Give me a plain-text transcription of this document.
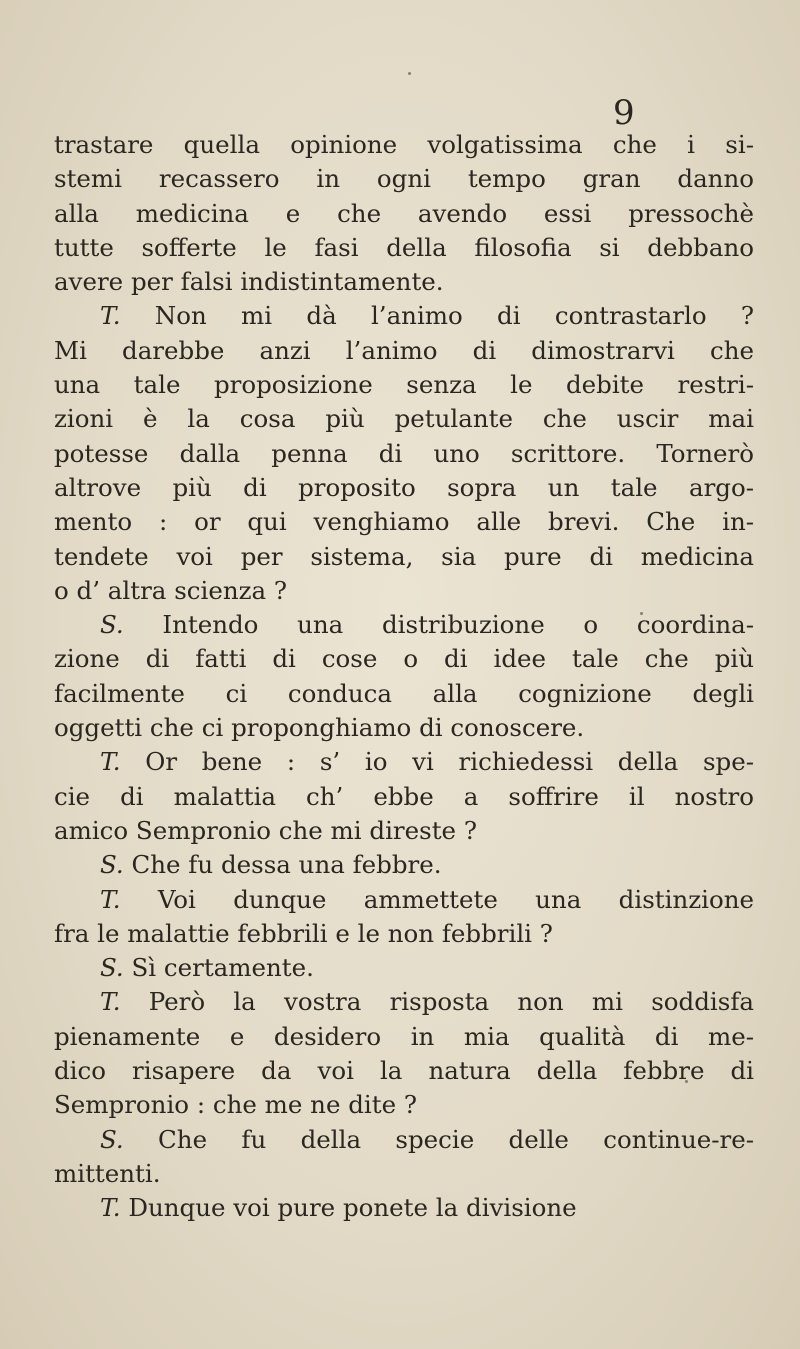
9
trastare quella opinione volgatissima che i si-
stemi recassero in ogni tempo gran danno
alla medicina e che avendo essi pressochè
tutte sofferte le fasi della filosofia si debbano
avere per falsi indistintamente.
T. Non mi dà l’animo di contrastarlo ?
Mi darebbe anzi l’animo di dimostrarvi che
una tale proposizione senza le debite restri-
zioni è la cosa più petulante che uscir mai
potesse dalla penna di uno scrittore. Tornerò
altrove più di proposito sopra un tale argo-
mento : or qui venghiamo alle brevi. Che in-
tendete voi per sistema, sia pure di medicina
o d’ altra scienza ?
S. Intendo una distribuzione o coordina-
zione di fatti di cose o di idee tale che più
facilmente ci conduca alla cognizione degli
oggetti che ci proponghiamo di conoscere.
T. Or bene : s’ io vi richiedessi della spe-
cie di malattia ch’ ebbe a soffrire il nostro
amico Sempronio che mi direste ?
S. Che fu dessa una febbre.
T. Voi dunque ammettete una distinzione
fra le malattie febbrili e le non febbrili ?
S. Sì certamente.
T. Però la vostra risposta non mi soddisfa
pienamente e desidero in mia qualità di me-
dico risapere da voi la natura della febbre di
Sempronio : che me ne dite ?
S. Che fu della specie delle continue-re-
mittenti.
T. Dunque voi pure ponete la divisione
